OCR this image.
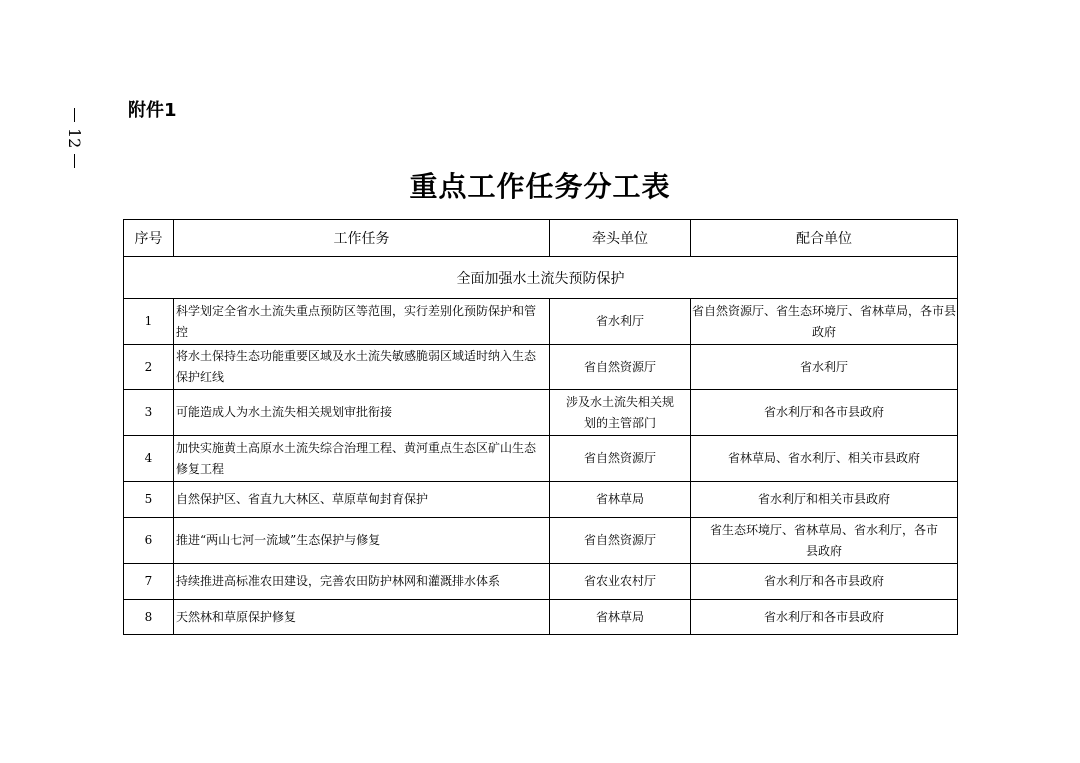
12
附件1
重点工作任务分工表
序号	工作任务	牵头单位	配合单位
全面加强水土流失预防保护			
1	科学划定全省水土流失重点预防区等范围，实行差别化预防保护和管控	省水利厅	省自然资源厅、省生态环境厅、省林草局，各市县政府
2	将水土保持生态功能重要区域及水土流失敏感脆弱区域适时纳入生态保护红线	省自然资源厅	省水利厅
3	可能造成人为水土流失相关规划审批衔接	涉及水土流失相关规划的主管部门	省水利厅和各市县政府
4	加快实施黄土高原水土流失综合治理工程、黄河重点生态区矿山生态修复工程	省自然资源厅	省林草局、省水利厅、相关市县政府
5	自然保护区、省直九大林区、草原草甸封育保护	省林草局	省水利厅和相关市县政府
6	推进“两山七河一流域”生态保护与修复	省自然资源厅	省生态环境厅、省林草局、省水利厅，各市县政府
7	持续推进高标准农田建设，完善农田防护林网和灌溉排水体系	省农业农村厅	省水利厅和各市县政府
8	天然林和草原保护修复	省林草局	省水利厅和各市县政府
